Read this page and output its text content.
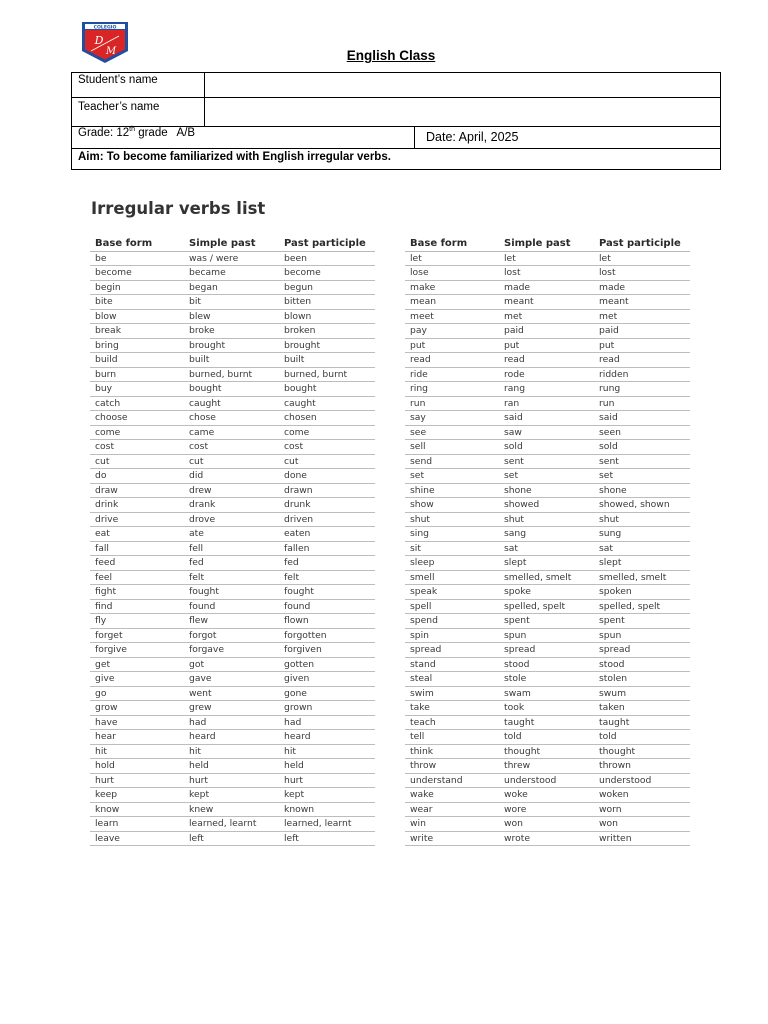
COLEGIO
D
M	English Class
Student’s name
Teacher’s name
Grade: 12th grade   A/B	Date: April, 2025
Aim: To become familiarized with English irregular verbs.
Irregular verbs list
Base form	Simple past	Past participle
be	was / were	been
become	became	become
begin	began	begun
bite	bit	bitten
blow	blew	blown
break	broke	broken
bring	brought	brought
build	built	built
burn	burned, burnt	burned, burnt
buy	bought	bought
catch	caught	caught
choose	chose	chosen
come	came	come
cost	cost	cost
cut	cut	cut
do	did	done
draw	drew	drawn
drink	drank	drunk
drive	drove	driven
eat	ate	eaten
fall	fell	fallen
feed	fed	fed
feel	felt	felt
fight	fought	fought
find	found	found
fly	flew	flown
forget	forgot	forgotten
forgive	forgave	forgiven
get	got	gotten
give	gave	given
go	went	gone
grow	grew	grown
have	had	had
hear	heard	heard
hit	hit	hit
hold	held	held
hurt	hurt	hurt
keep	kept	kept
know	knew	known
learn	learned, learnt	learned, learnt
leave	left	left
Base form	Simple past	Past participle
let	let	let
lose	lost	lost
make	made	made
mean	meant	meant
meet	met	met
pay	paid	paid
put	put	put
read	read	read
ride	rode	ridden
ring	rang	rung
run	ran	run
say	said	said
see	saw	seen
sell	sold	sold
send	sent	sent
set	set	set
shine	shone	shone
show	showed	showed, shown
shut	shut	shut
sing	sang	sung
sit	sat	sat
sleep	slept	slept
smell	smelled, smelt	smelled, smelt
speak	spoke	spoken
spell	spelled, spelt	spelled, spelt
spend	spent	spent
spin	spun	spun
spread	spread	spread
stand	stood	stood
steal	stole	stolen
swim	swam	swum
take	took	taken
teach	taught	taught
tell	told	told
think	thought	thought
throw	threw	thrown
understand	understood	understood
wake	woke	woken
wear	wore	worn
win	won	won
write	wrote	written
